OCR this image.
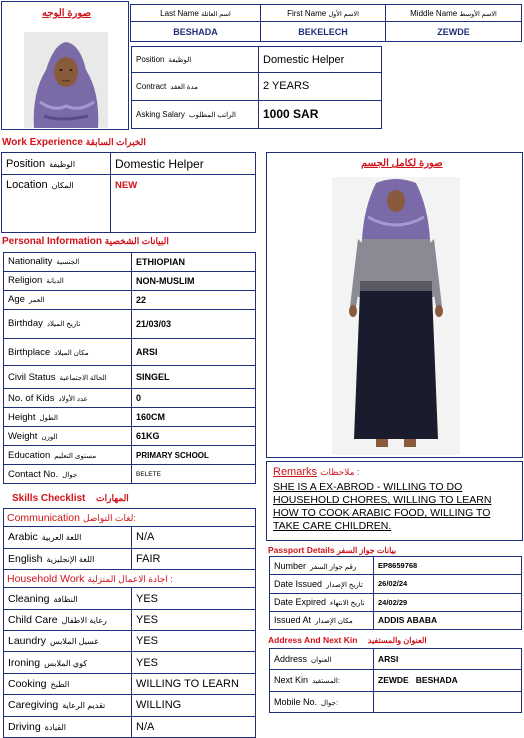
صورة الوجه	Last Name اسم العائلة	First Name الاسم الأول	Middle Name الاسم الأوسط
BESHADA	BEKELECH	ZEWDE
Position الوظيفة	Domestic Helper
Contract مدة العقد	2 YEARS
Asking Salary الراتب المطلوب	1000 SAR
Work Experience الخبرات السابقة
Position الوظيفة	Domestic Helper
Location المكان	NEW
Personal Information البيانات الشخصية
Nationality الجنسية	ETHIOPIAN
Religion الديانة	NON-MUSLIM
Age العمر	22
Birthday تاريخ الميلاد	21/03/03
Birthplace مكان الميلاد	ARSI
Civil Status الحالة الاجتماعية	SINGEL
No. of Kids عدد الأولاد	0
Height الطول	160CM
Weight الوزن	61KG
Education مستوى التعليم	PRIMARY SCHOOL
Contact No. جوال	BELETE
Skills Checklist المهارات
Communication لغات التواصل:	
Arabic اللغة العربية	N/A
English اللغة الإنجليزية	FAIR
Household Work اجادة الاعمال المنزلية :	
Cleaning النظافة	YES
Child Care رعاية الاطفال	YES
Laundry غسيل الملابس	YES
Ironing كوي الملابس	YES
Cooking الطبخ	WILLING TO LEARN
Caregiving تقديم الرعاية	WILLING
Driving القيادة	N/A
صورة لكامل الجسم
Remarks ملاحظات :
SHE IS A EX-ABROD - WILLING TO DO HOUSEHOLD CHORES, WILLING TO LEARN HOW TO COOK ARABIC FOOD, WILLING TO TAKE CARE CHILDREN.
Passport Details بيانات جواز السفر
Number رقم جواز السفر	EP8659768
Date Issued تاريخ الإصدار	26/02/24
Date Expired تاريخ الانتهاء	24/02/29
Issued At مكان الإصدار	ADDIS ABABA
Address And Next Kin العنوان والمستفيد
Address العنوان	ARSI
Next Kin المستفيد:	ZEWDE   BESHADA
Mobile No. جوال:	
